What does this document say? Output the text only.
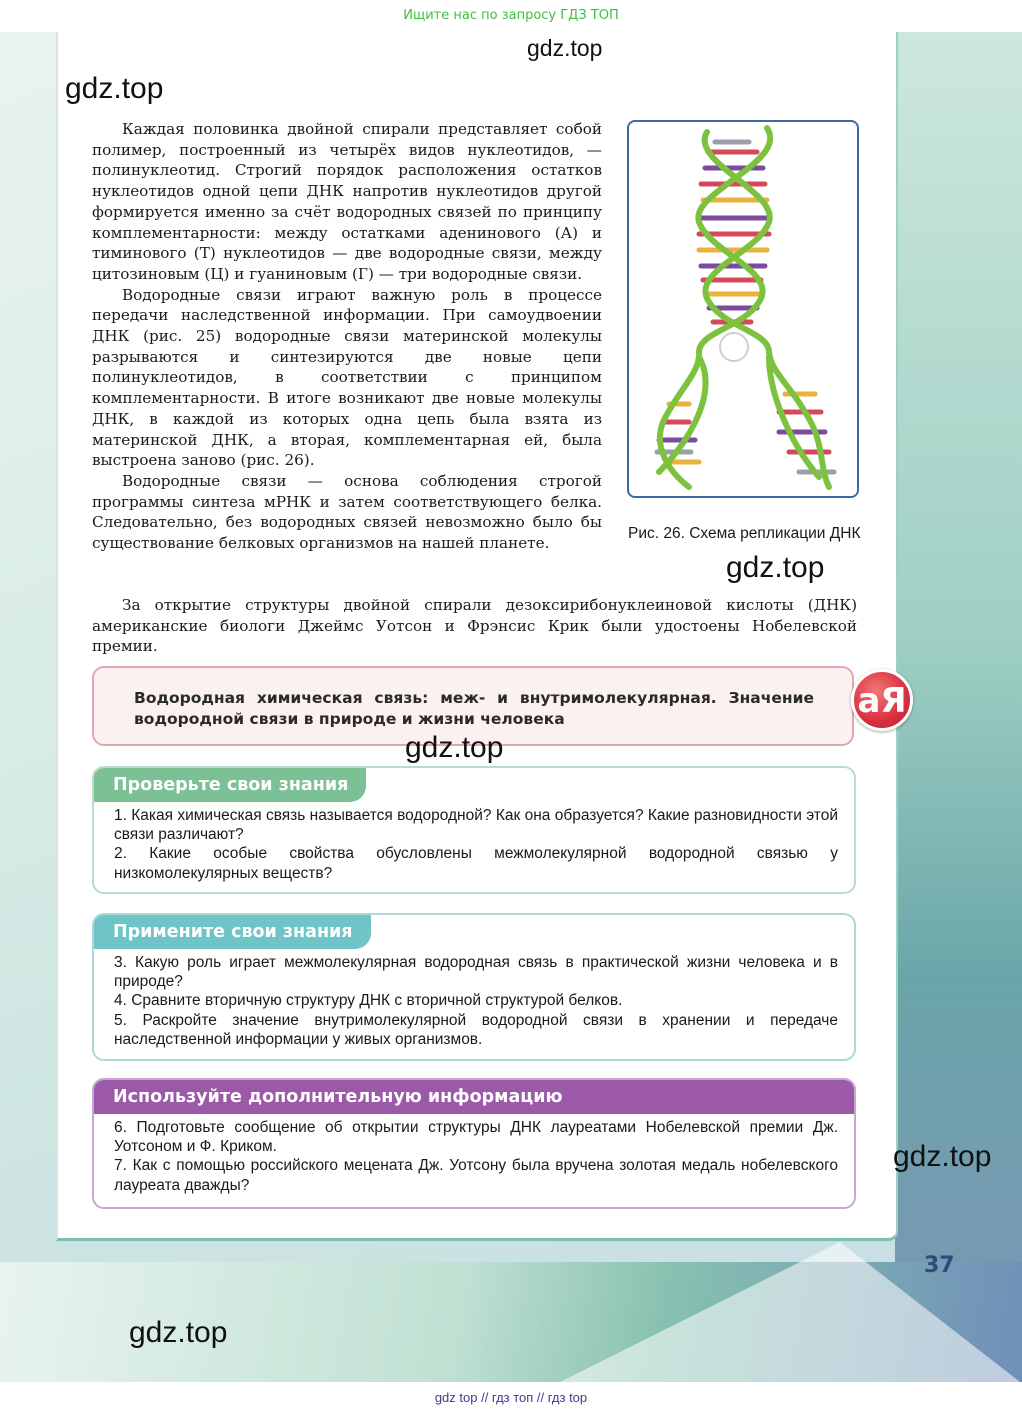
Ищите нас по запросу ГДЗ ТОП
gdz.top
gdz.top

Каждая половинка двойной спирали представляет собой полимер, построенный из четырёх видов нуклеотидов, — полинуклеотид. Строгий порядок расположения остатков нуклеотидов одной цепи ДНК напротив нуклеотидов другой формируется именно за счёт водородных связей по принципу комплементарности: между остатками аденинового (А) и тиминового (Т) нуклеотидов — две водородные связи, между цитозиновым (Ц) и гуаниновым (Г) — три водородные связи.

Водородные связи играют важную роль в процессе передачи наследственной информации. При самоудвоении ДНК (рис. 25) водородные связи материнской молекулы разрываются и синтезируются две новые цепи полинуклеотидов, в соответствии с принципом комплементарности. В итоге возникают две новые молекулы ДНК, в каждой из которых одна цепь была взята из материнской ДНК, а вторая, комплементарная ей, была выстроена заново (рис. 26).

Водородные связи — основа соблюдения строгой программы синтеза мРНК и затем соответствующего белка. Следовательно, без водородных связей невозможно было бы существование белковых организмов на нашей планете.

За открытие структуры двойной спирали дезоксирибонуклеиновой кислоты (ДНК) американские биологи Джеймс Уотсон и Фрэнсис Крик были удостоены Нобелевской премии.

Рис. 26. Схема репликации ДНК
gdz.top
Водородная химическая связь: меж- и внутримолекулярная. Значение водородной связи в природе и жизни человека	аЯ
gdz.top
Проверьте свои знания
1. Какая химическая связь называется водородной? Как она образуется? Какие разновидности этой связи различают?
2. Какие особые свойства обусловлены межмолекулярной водородной связью у низкомолекулярных веществ?
Примените свои знания
3. Какую роль играет межмолекулярная водородная связь в практической жизни человека и в природе?
4. Сравните вторичную структуру ДНК с вторичной структурой белков.
5. Раскройте значение внутримолекулярной водородной связи в хранении и передаче наследственной информации у живых организмов.
Используйте дополнительную информацию
6. Подготовьте сообщение об открытии структуры ДНК лауреатами Нобелевской премии Дж. Уотсоном и Ф. Криком.
7. Как с помощью российского мецената Дж. Уотсону была вручена золотая медаль нобелевского лауреата дважды?
gdz.top
37
gdz.top
gdz top // гдз топ // гдз top
